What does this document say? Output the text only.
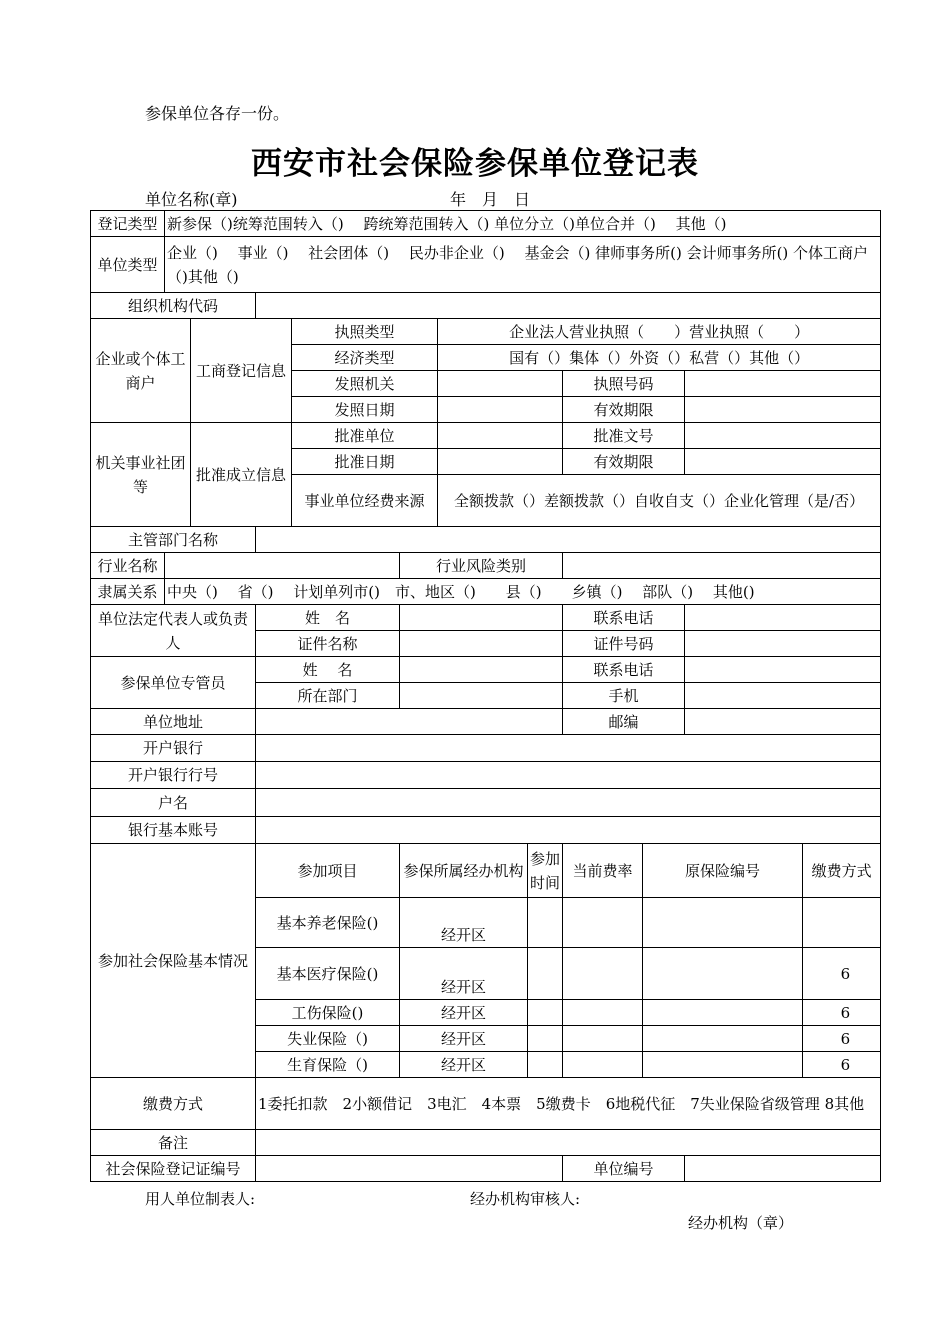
参保单位各存一份。
西安市社会保险参保单位登记表
单位名称(章)	年　月　日
登记类型	新参保（)统筹范围转入（)　 跨统筹范围转入（) 单位分立（)单位合并（)　 其他（)										
单位类型	企业（)　 事业（)　 社会团体（)　 民办非企业（)　 基金会（) 律师事务所() 会计师事务所() 个体工商户（)其他（)										
组织机构代码											
企业或个体工商户		工商登记信息		执照类型		企业法人营业执照（　　）营业执照（　　）					
				经济类型		国有（）集体（）外资（）私营（）其他（）					
				发照机关				执照号码			
				发照日期				有效期限			
机关事业社团等		批准成立信息		批准单位				批准文号			
				批准日期				有效期限			
				事业单位经费来源		全额拨款（）差额拨款（）自收自支（）企业化管理（是/否）					
主管部门名称											
行业名称					行业风险类别						
隶属关系	中央（)　 省（)　 计划单列市()　市、地区（)　　县（)　　乡镇（)　 部队（)　 其他()										
单位法定代表人或负责人			姓　名					联系电话			
			证件名称					证件号码			
参保单位专管员			姓　 名					联系电话			
			所在部门					手机			
单位地址								邮编			
开户银行											
开户银行行号											
户名											
银行基本账号											
参加社会保险基本情况			参加项目		参保所属经办机构		参加时间	当前费率	原保险编号		缴费方式
			基本养老保险()		经开区						
			基本医疗保险()		经开区						6
			工伤保险()		经开区						6
			失业保险（)		经开区						6
			生育保险（)		经开区						6
缴费方式			1委托扣款　2小额借记　3电汇　4本票　5缴费卡　6地税代征　7失业保险省级管理 8其他								
备注											
社会保险登记证编号								单位编号			
用人单位制表人:	经办机构审核人:
经办机构（章）
